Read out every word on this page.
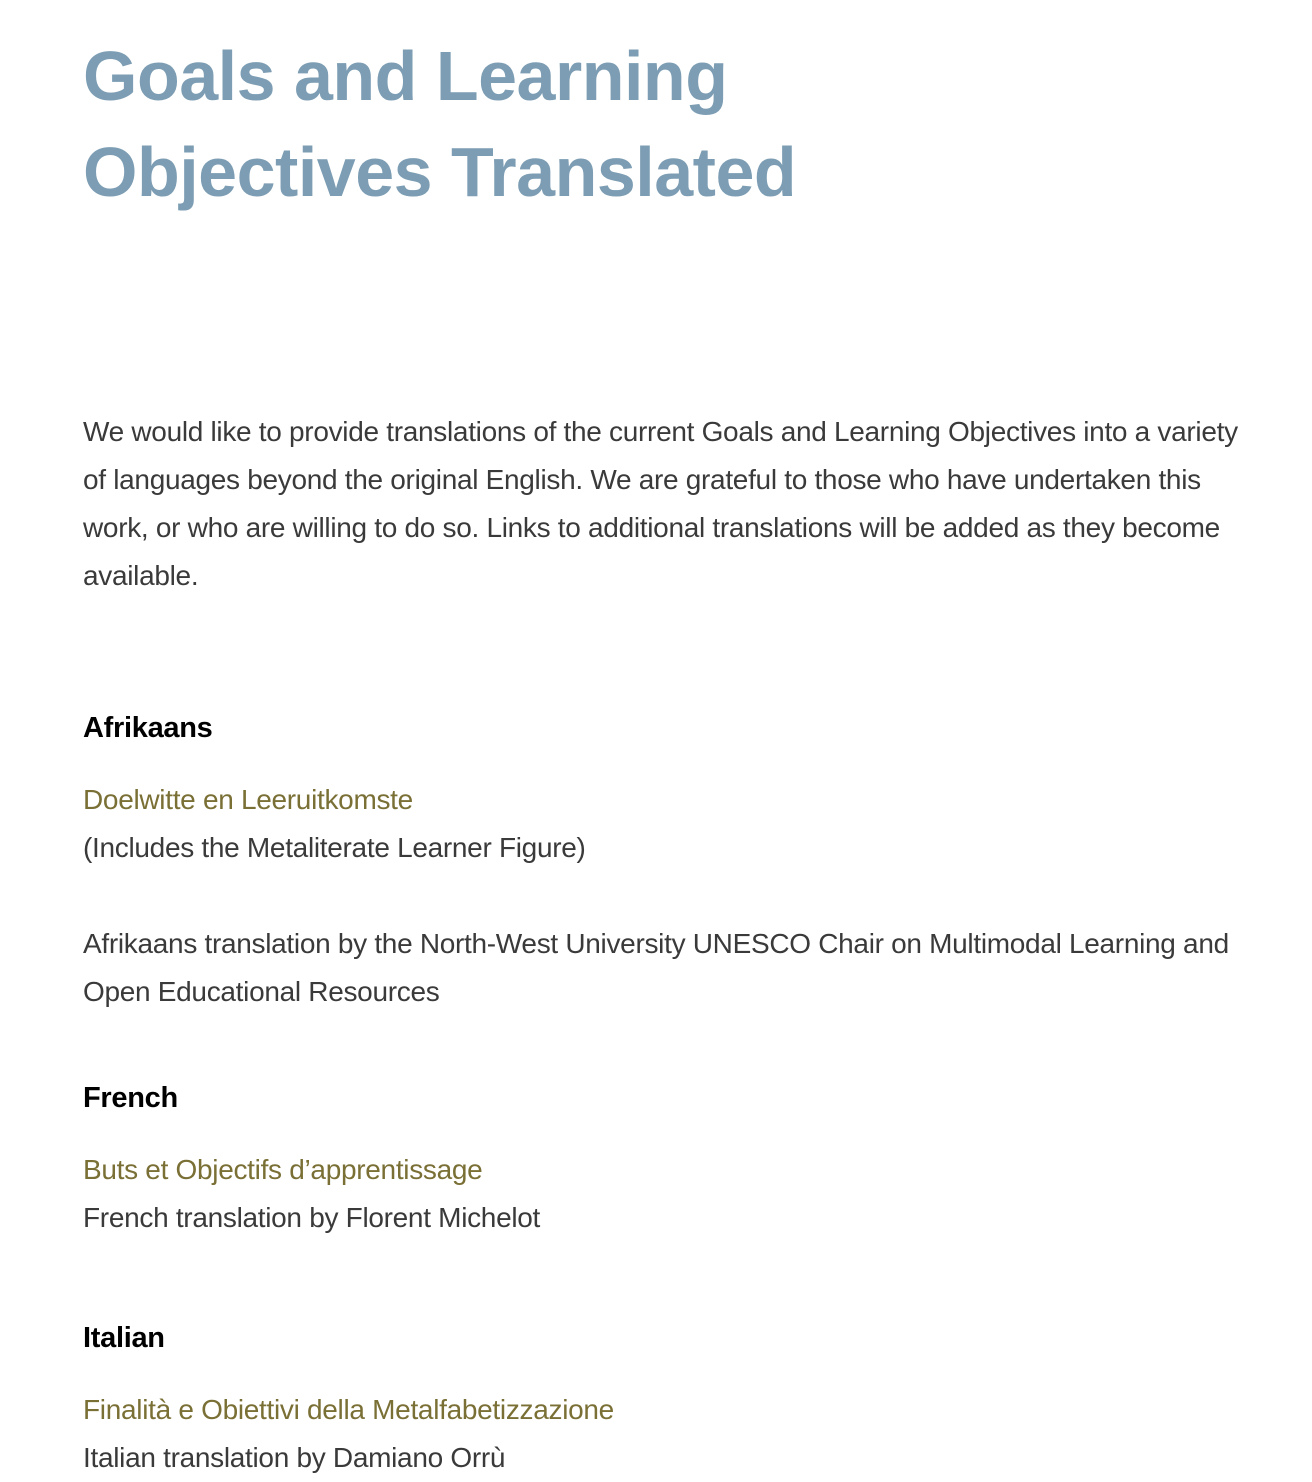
Goals and Learning
Objectives Translated

We would like to provide translations of the current Goals and Learning Objectives into a variety of languages beyond the original English. We are grateful to those who have undertaken this work, or who are willing to do so. Links to additional translations will be added as they become available.

Afrikaans
Doelwitte en Leeruitkomste

(Includes the Metaliterate Learner Figure)

Afrikaans translation by the North-West University UNESCO Chair on Multimodal Learning and Open Educational Resources

French
Buts et Objectifs d’apprentissage

French translation by Florent Michelot

Italian
Finalità e Obiettivi della Metalfabetizzazione

Italian translation by Damiano Orrù
